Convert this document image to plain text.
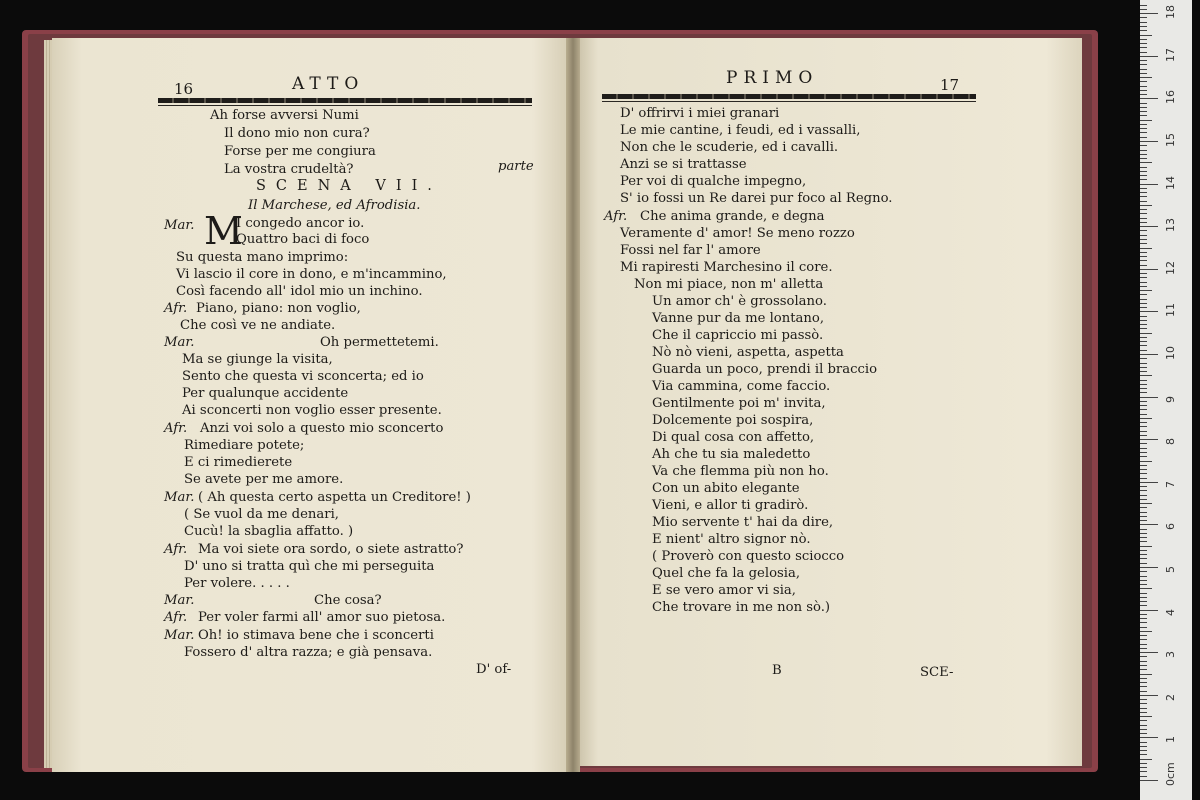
16	ATTO
Ah forse avversi Numi
Il dono mio non cura?
Forse per me congiura
La vostra crudeltà?	parte
SCENA VII.
Il Marchese, ed Afrodisia.
Mar. M
I congedo ancor io.
Quattro baci di foco
Su questa mano imprimo:
Vi lascio il core in dono, e m'incammino,
Così facendo all' idol mio un inchino.
Afr. Piano, piano: non voglio,
Che così ve ne andiate.
Mar.	Oh permettetemi.
Ma se giunge la visita,
Sento che questa vi sconcerta; ed io
Per qualunque accidente
Ai sconcerti non voglio esser presente.
Afr. Anzi voi solo a questo mio sconcerto
Rimediare potete;
E ci rimedierete
Se avete per me amore.
Mar. ( Ah questa certo aspetta un Creditore! )
( Se vuol da me denari,
Cucù! la sbaglia affatto. )
Afr. Ma voi siete ora sordo, o siete astratto?
D' uno si tratta quì che mi perseguita
Per volere. . . . .
Mar.	Che cosa?
Afr. Per voler farmi all' amor suo pietosa.
Mar. Oh! io stimava bene che i sconcerti
Fossero d' altra razza; e già pensava.
D' of-
PRIMO	17
D' offrirvi i miei granari
Le mie cantine, i feudi, ed i vassalli,
Non che le scuderie, ed i cavalli.
Anzi se si trattasse
Per voi di qualche impegno,
S' io fossi un Re darei pur foco al Regno.
Afr. Che anima grande, e degna
Veramente d' amor! Se meno rozzo
Fossi nel far l' amore
Mi rapiresti Marchesino il core.
Non mi piace, non m' alletta
Un amor ch' è grossolano.
Vanne pur da me lontano,
Che il capriccio mi passò.
Nò nò vieni, aspetta, aspetta
Guarda un poco, prendi il braccio
Via cammina, come faccio.
Gentilmente poi m' invita,
Dolcemente poi sospira,
Di qual cosa con affetto,
Ah che tu sia maledetto
Va che flemma più non ho.
Con un abito elegante
Vieni, e allor ti gradirò.
Mio servente t' hai da dire,
E nient' altro signor nò.
( Proverò con questo sciocco
Quel che fa la gelosia,
E se vero amor vi sia,
Che trovare in me non sò.)
B	SCE-
0cm
1
2
3
4
5
6
7
8
9
10
11
12
13
14
15
16
17
18
